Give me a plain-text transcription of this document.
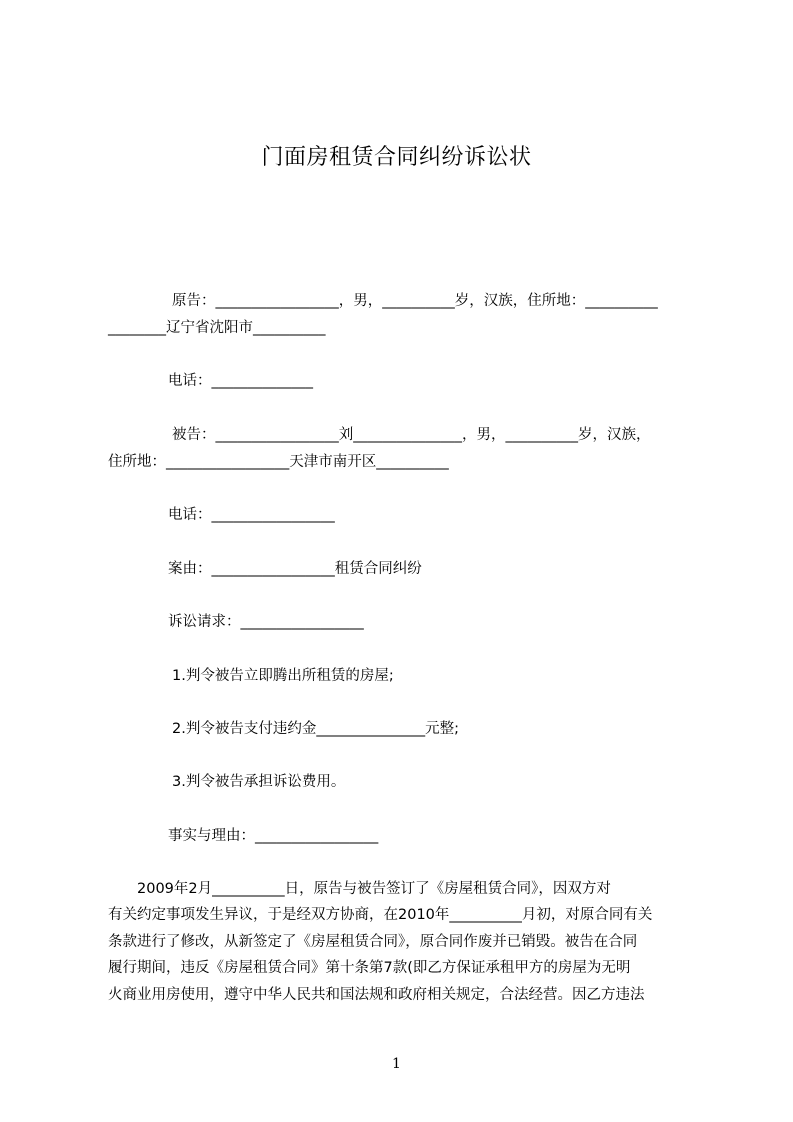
门面房租赁合同纠纷诉讼状
原告：_________________，男，__________岁，汉族，住所地：__________
________辽宁省沈阳市__________
电话：______________
被告：_________________刘_______________，男，__________岁，汉族，
住所地：_________________天津市南开区__________
电话：_________________
案由：_________________租赁合同纠纷
诉讼请求：_________________
1.判令被告立即腾出所租赁的房屋;
2.判令被告支付违约金_______________元整;
3.判令被告承担诉讼费用。
事实与理由：_________________
　　2009年2月__________日，原告与被告签订了《房屋租赁合同》，因双方对
有关约定事项发生异议，于是经双方协商，在2010年__________月初，对原合同有关
条款进行了修改，从新签定了《房屋租赁合同》，原合同作废并已销毁。被告在合同
履行期间，违反《房屋租赁合同》第十条第7款(即乙方保证承租甲方的房屋为无明
火商业用房使用，遵守中华人民共和国法规和政府相关规定，合法经营。因乙方违法
1
